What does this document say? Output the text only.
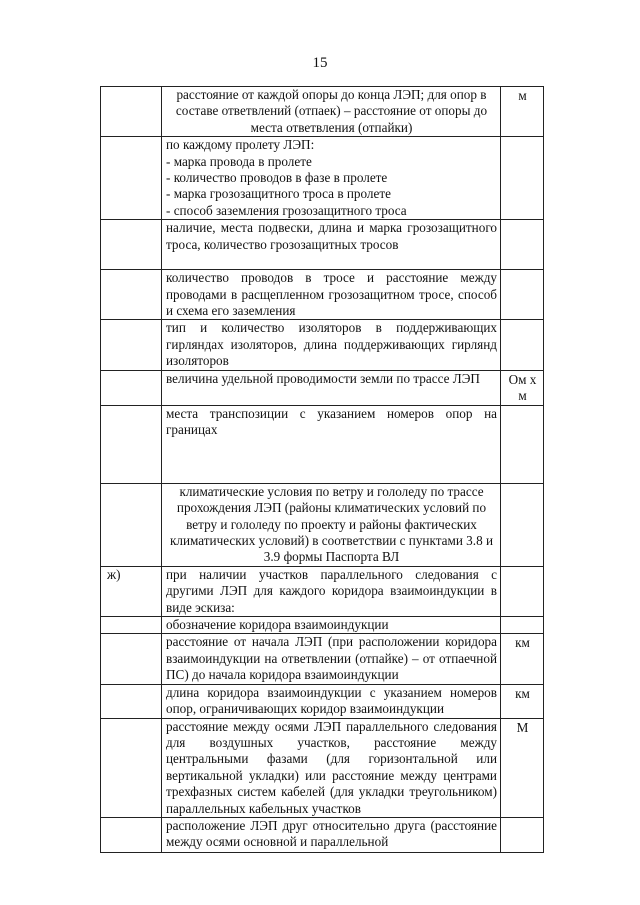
15
	расстояние от каждой опоры до конца ЛЭП; для опор в составе ответвлений (отпаек) – расстояние от опоры до места ответвления (отпайки)	м

	по каждому пролету ЛЭП:
- марка провода в пролете
- количество проводов в фазе в пролете
- марка грозозащитного троса в пролете
- способ заземления грозозащитного троса	

	наличие, места подвески, длина и марка грозозащитного троса, количество грозозащитных тросов	
	количество проводов в тросе и расстояние между проводами в расщепленном грозозащитном тросе, способ и схема его заземления	
	тип и количество изоляторов в поддерживающих гирляндах изоляторов, длина поддерживающих гирлянд изоляторов	
	величина удельной проводимости земли по трассе ЛЭП	Ом х м
	места транспозиции с указанием номеров опор на границах	
	климатические условия по ветру и гололеду по трассе прохождения ЛЭП (районы климатических условий по ветру и гололеду по проекту и районы фактических климатических условий) в соответствии с пунктами 3.8 и 3.9 формы Паспорта ВЛ	
ж)	при наличии участков параллельного следования с другими ЛЭП для каждого коридора взаимоиндукции в виде эскиза:	
	обозначение коридора взаимоиндукции	
	расстояние от начала ЛЭП (при расположении коридора взаимоиндукции на ответвлении (отпайке) – от отпаечной ПС) до начала коридора взаимоиндукции	км
	длина коридора взаимоиндукции с указанием номеров опор, ограничивающих коридор взаимоиндукции	км
	расстояние между осями ЛЭП параллельного следования для воздушных участков, расстояние между центральными фазами (для горизонтальной или вертикальной укладки) или расстояние между центрами трехфазных систем кабелей (для укладки треугольником) параллельных кабельных участков	М
	расположение ЛЭП друг относительно друга (расстояние между осями основной и параллельной	
